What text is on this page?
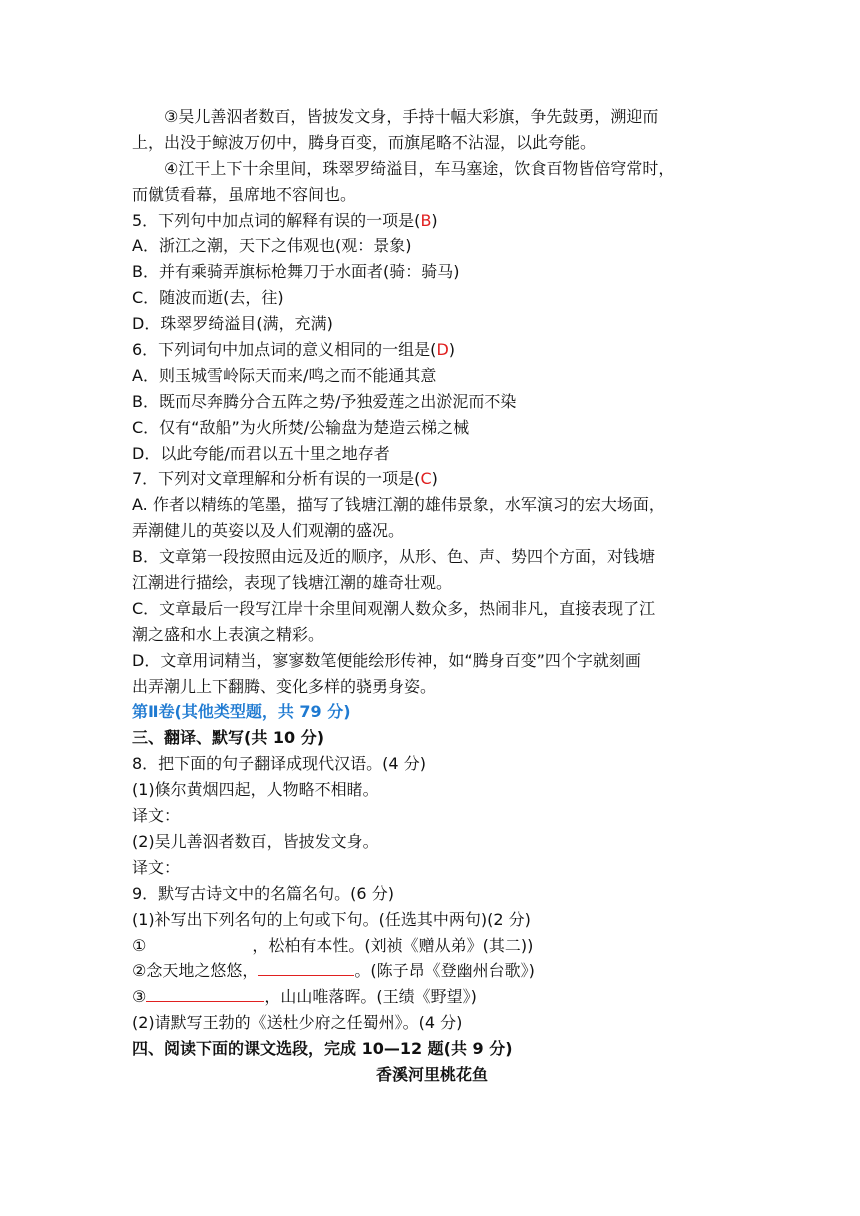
③吴儿善泅者数百，皆披发文身，手持十幅大彩旗，争先鼓勇，溯迎而
上，出没于鲸波万仞中，腾身百变，而旗尾略不沾湿，以此夸能。
④江干上下十余里间，珠翠罗绮溢目，车马塞途，饮食百物皆倍穹常时，
而僦赁看幕，虽席地不容间也。
5．下列句中加点词的解释有误的一项是(B)
A．浙江之潮，天下之伟观也(观：景象)
B．并有乘骑弄旗标枪舞刀于水面者(骑：骑马)
C．随波而逝(去，往)
D．珠翠罗绮溢目(满，充满)
6．下列词句中加点词的意义相同的一组是(D)
A．则玉城雪岭际天而来/鸣之而不能通其意
B．既而尽奔腾分合五阵之势/予独爱莲之出淤泥而不染
C．仅有“敌船”为火所焚/公输盘为楚造云梯之械
D．以此夸能/而君以五十里之地存者
7．下列对文章理解和分析有误的一项是(C)
A. 作者以精练的笔墨，描写了钱塘江潮的雄伟景象，水军演习的宏大场面，
弄潮健儿的英姿以及人们观潮的盛况。
B．文章第一段按照由远及近的顺序，从形、色、声、势四个方面，对钱塘
江潮进行描绘，表现了钱塘江潮的雄奇壮观。
C．文章最后一段写江岸十余里间观潮人数众多，热闹非凡，直接表现了江
潮之盛和水上表演之精彩。
D．文章用词精当，寥寥数笔便能绘形传神，如“腾身百变”四个字就刻画
出弄潮儿上下翻腾、变化多样的骁勇身姿。
第Ⅱ卷(其他类型题，共 79 分)
三、翻译、默写(共 10 分)
8．把下面的句子翻译成现代汉语。(4 分)
(1)倏尔黄烟四起，人物略不相睹。
译文：
(2)吴儿善泅者数百，皆披发文身。
译文：
9．默写古诗文中的名篇名句。(6 分)
(1)补写出下列名句的上句或下句。(任选其中两句)(2 分)
①	，松柏有本性。(刘祯《赠从弟》(其二))
②念天地之悠悠，	。(陈子昂《登幽州台歌》)
③	，山山唯落晖。(王绩《野望》)
(2)请默写王勃的《送杜少府之任蜀州》。(4 分)
四、阅读下面的课文选段，完成 10—12 题(共 9 分)
香溪河里桃花鱼
